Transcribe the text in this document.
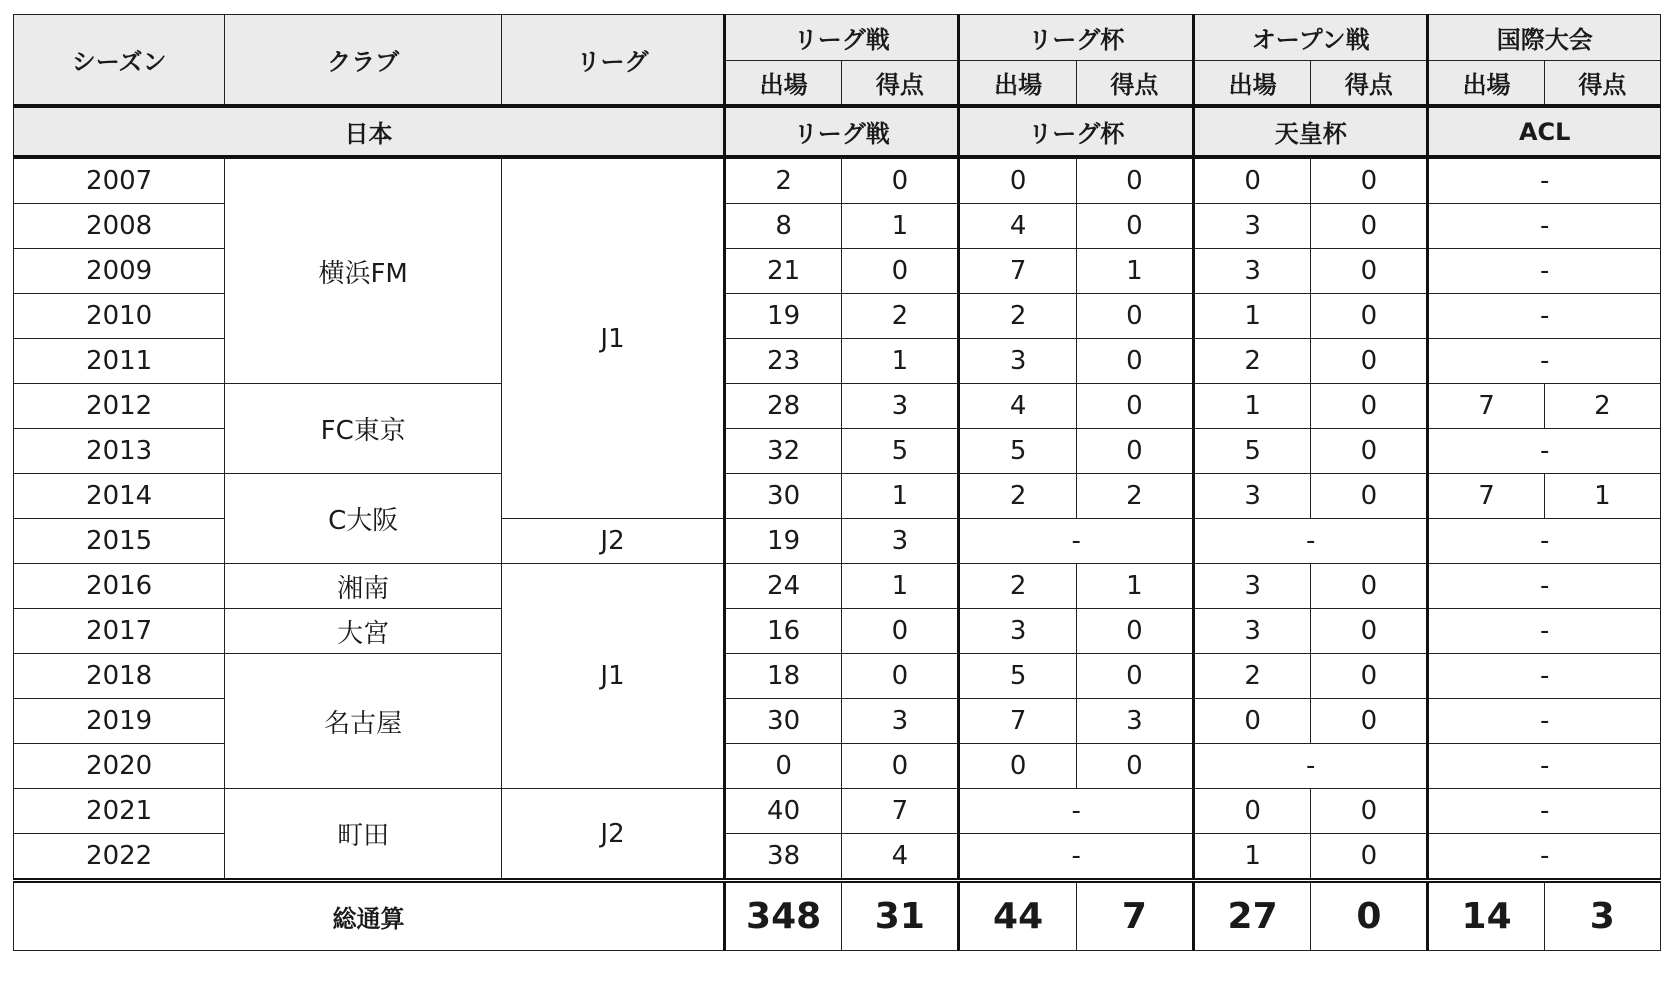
シーズン	クラブ	リーグ	リーグ戦		リーグ杯		オープン戦		国際大会	
			出場	得点	出場	得点	出場	得点	出場	得点
日本			リーグ戦		リーグ杯		天皇杯		ACL	
2007	横浜FM	J1	2	0	0	0	0	0	-	
2008			8	1	4	0	3	0	-	
2009			21	0	7	1	3	0	-	
2010			19	2	2	0	1	0	-	
2011			23	1	3	0	2	0	-	
2012	FC東京		28	3	4	0	1	0	7	2
2013			32	5	5	0	5	0	-	
2014	C大阪		30	1	2	2	3	0	7	1
2015		J2	19	3	-		-		-	
2016	湘南	J1	24	1	2	1	3	0	-	
2017	大宮		16	0	3	0	3	0	-	
2018	名古屋		18	0	5	0	2	0	-	
2019			30	3	7	3	0	0	-	
2020			0	0	0	0	-		-	
2021	町田	J2	40	7	-		0	0	-	
2022			38	4	-		1	0	-	
総通算			348	31	44	7	27	0	14	3
